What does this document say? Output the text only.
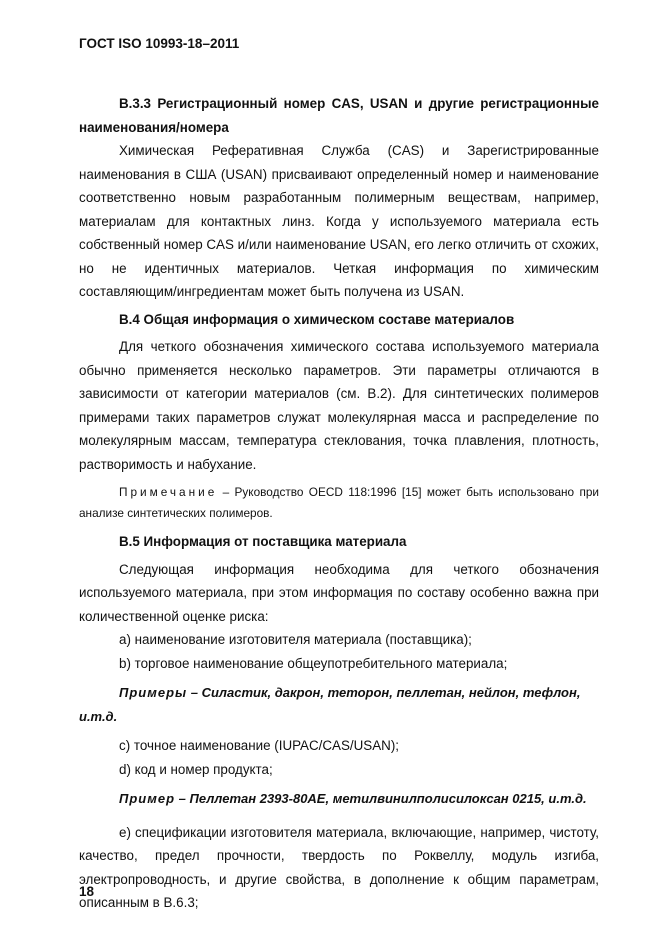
ГОСТ ISO 10993-18–2011

В.3.3 Регистрационный номер CAS, USAN и другие регистрационные

наименования/номера

Химическая Реферативная Служба (CAS) и Зарегистрированные наименования в США (USAN) присваивают определенный номер и наименование соответственно новым разработанным полимерным веществам, например, материалам для контактных линз. Когда у используемого материала есть собственный номер CAS и/или наименование USAN, его легко отличить от схожих, но не идентичных материалов. Четкая информация по химическим составляющим/ингредиентам может быть получена из USAN.

В.4 Общая информация о химическом составе материалов

Для четкого обозначения химического состава используемого материала обычно применяется несколько параметров. Эти параметры отличаются в зависимости от категории материалов (см. В.2). Для синтетических полимеров примерами таких параметров служат молекулярная масса и распределение по молекулярным массам, температура стеклования, точка плавления, плотность, растворимость и набухание.

Примечание – Руководство OECD 118:1996 [15] может быть использовано при анализе синтетических полимеров.

В.5 Информация от поставщика материала

Следующая информация необходима для четкого обозначения используемого материала, при этом информация по составу особенно важна при количественной оценке риска:

а) наименование изготовителя материала (поставщика);

b) торговое наименование общеупотребительного материала;

Примеры – Силастик, дакрон, теторон, пеллетан, нейлон, тефлон, и.т.д.

с) точное наименование (IUPAC/CAS/USAN);

d) код и номер продукта;

Пример – Пеллетан 2393-80АЕ, метилвинилполисилоксан 0215, и.т.д.

е) спецификации изготовителя материала, включающие, например, чистоту, качество, предел прочности, твердость по Роквеллу, модуль изгиба, электропроводность, и другие свойства, в дополнение к общим параметрам, описанным в В.6.3;

18
